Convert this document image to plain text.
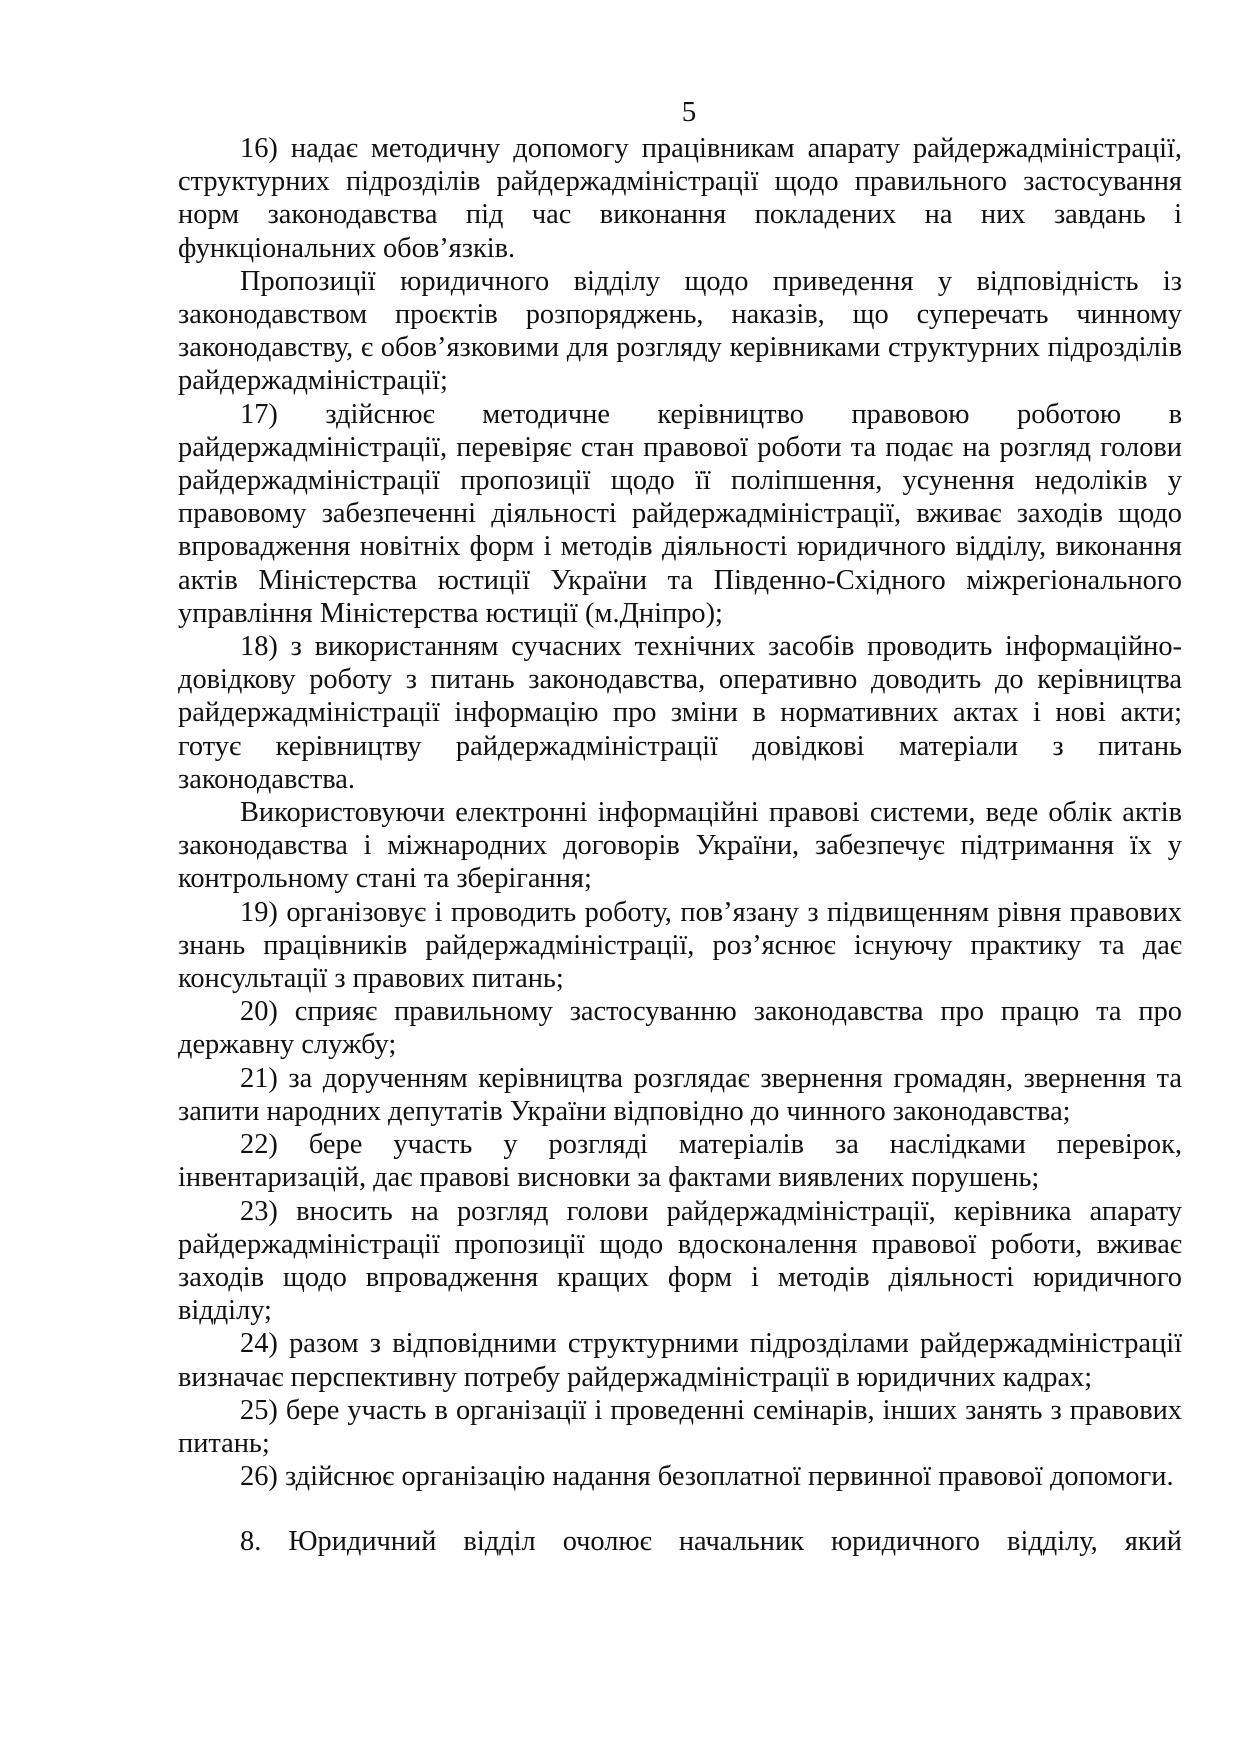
5

16) надає методичну допомогу працівникам апарату райдержадміністрації, структурних підрозділів райдержадміністрації щодо правильного застосування норм законодавства під час виконання покладених на них завдань і функціональних обов’язків.

Пропозиції юридичного відділу щодо приведення у відповідність із законодавством проєктів розпоряджень, наказів, що суперечать чинному законодавству, є обов’язковими для розгляду керівниками структурних підрозділів райдержадміністрації;

17) здійснює методичне керівництво правовою роботою в райдержадміністрації, перевіряє стан правової роботи та подає на розгляд голови райдержадміністрації пропозиції щодо її поліпшення, усунення недоліків у правовому забезпеченні діяльності райдержадміністрації, вживає заходів щодо впровадження новітніх форм і методів діяльності юридичного відділу, виконання актів Міністерства юстиції України та Південно-Східного міжрегіонального управління Міністерства юстиції (м.Дніпро);

18) з використанням сучасних технічних засобів проводить інформаційно-довідкову роботу з питань законодавства, оперативно доводить до керівництва райдержадміністрації інформацію про зміни в нормативних актах і нові акти; готує керівництву райдержадміністрації довідкові матеріали з питань законодавства.

Використовуючи електронні інформаційні правові системи, веде облік актів законодавства і міжнародних договорів України, забезпечує підтримання їх у контрольному стані та зберігання;

19) організовує і проводить роботу, пов’язану з підвищенням рівня правових знань працівників райдержадміністрації, роз’яснює існуючу практику та дає консультації з правових питань;

20) сприяє правильному застосуванню законодавства про працю та про державну службу;

21) за дорученням керівництва розглядає звернення громадян, звернення та запити народних депутатів України відповідно до чинного законодавства;

22) бере участь у розгляді матеріалів за наслідками перевірок, інвентаризацій, дає правові висновки за фактами виявлених порушень;

23) вносить на розгляд голови райдержадміністрації, керівника апарату райдержадміністрації пропозиції щодо вдосконалення правової роботи, вживає заходів щодо впровадження кращих форм і методів діяльності юридичного відділу;

24) разом з відповідними структурними підрозділами райдержадміністрації визначає перспективну потребу райдержадміністрації в юридичних кадрах;

25) бере участь в організації і проведенні семінарів, інших занять з правових питань;

26) здійснює організацію надання безоплатної первинної правової допомоги.

8. Юридичний відділ очолює начальник юридичного відділу, який
